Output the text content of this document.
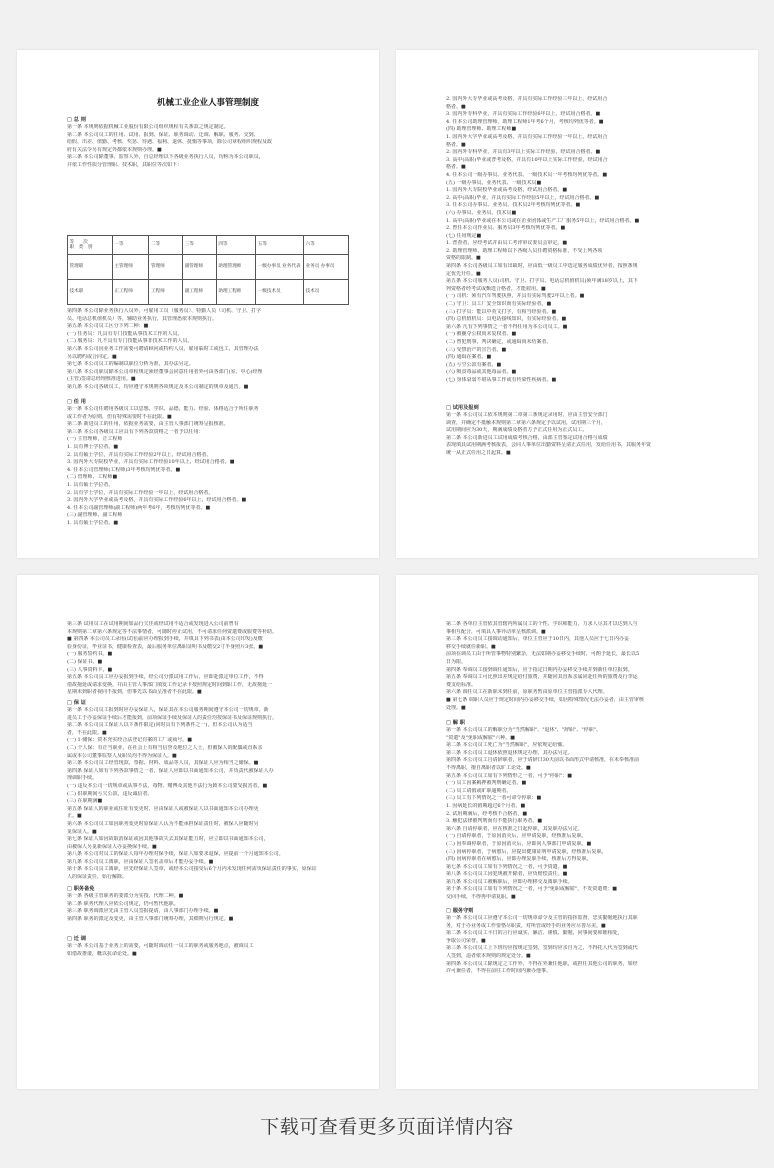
机械工业企业人事管理制度
□ 总 则
第一条 本规则依据机械工业股份有限公司组织规程有关条款之规定制定。
第二条 本公司员工的任用、试用、报到、保证、职务调动、迁调、解职、服务、交到、
给假、出差、值勤、考核、奖惩、待遇、福利、退休、抚恤等事项，除公司章程组织规程及政
府有关法令另有规定外都依本规则办理。■
第三条 本公司除董事、监察人外，自总经理以下各级业务执行人员，均称为本公司职员，
并依工作性质分管理职、技术职，其职位等次如下：
等　　次
职　类　别	一等	二等	三等	四等	五等	六等
管理职	主管理师	管理师	副管理师	助理管理师	一级办事员 业务代表	业务员 办事员
技术职	正工程师	工程师	副工程师	助理工程师	一级技术员	技术员
第四条 本公司除业务执行人员外，可雇用工员（服务员）、特勤人员（司机、守卫、打字
员、电话总机值机员）等，辅助业务执行，其管理悉依本规则执行。
第五条 本公司员工区分下列二种：■
(一) 任务员：凡具有专门技能从事技术工作的人员。
(二) 服务员：凡不具有专门技能从事非技术工作的人员。
第六条 本公司因业务工作需要可聘请顾问或特约人员，雇用临时工或包工，其管理办法
另以聘约或合同定。■
第七条 本公司员工的编制以职位分析为准，其办法另定。
第八条 本公司职员除本公司章程规定须经董事会同意任用者外可由各部门(室、中心)经理
(主管)签请总经理核准进用。■
第九条 本公司各级员工，均应遵守本规则各项规定及本公司制定的规章及通告。■
□ 任 用
第一条 本公司任聘用各级员工以思想、学识、品德、能力、经验、体格适合于所任职务
或工作者为原则，但有特殊需要时不在此限。■
第二条 新进员工的任用，依据业务需要，由主管人事部门统筹呈报核准。
第三条 本公司各级员工应具有下列各款资格之一者予以任用：
(一) 主管理师，正工程师
1. 具有博士学位者。■
2. 具有硕士学位，并具有实际工作经验2年以上，经试用合格者。
3. 国内外大专院校毕业，并具有实际工作经验10年以上，经试用合格者。■
4. 任本公司管理师(工程师)3年考核均列优等者。■
(二) 管理师、工程师■
1. 具有硕士学位者。
2. 具有学士学位，并具有实际工作经验一年以上，经试用合格者。
3. 国内外大学毕业或高考及格，并具有实际工作经验6年以上，经试用合格者。■
4. 任本公司副管理师(副工程师)两年考6年，考核均列优等者。■
(三) 副管理师、副工程师
1. 具有硕士学位者。■
2. 国内外大专毕业或高考及格，并具有实际工作经验三年以上，经试用合
格者。■
3. 国内外专科毕业，并具有实际工作经验6年以上，经试用合格者。■
4. 任本公司助理管理师、助理工程师1年考6个月，考核均列优等者。■
(四) 助理管理师、助理工程师■
1. 国内外大学毕业或高考及格，并具有实际工作经验一年以上，经试用合
格者。■
2. 国内外专科毕业，并具有3年以上实际工作经验，经试用合格者。■
3. 高中(高职)毕业或普考及格，并具有10年以上实际工作经验，经试用合
格者。■
4. 任本公司一级办事员、业务代表、一级技术员一年考核均列优等者。■
(五) 一级办事员、业务代表、一级技术员■
1. 国内外大专院校毕业或高考及格，经试用合格者。■
2. 高中(高职)毕业，并具有实际工作经验5年以上，经试用合格者。■
3. 任本公司办事员、业务员、技术员2年考核均列优等者。■
(六) 办事员、业务员、技术员■
1. 高中(高职)毕业或在本公司或在企业团体或生产工厂服务5年以上，经试用合格者。■
2. 曾任本公司作业员、服务员3年考核均列优等者。■
(七) 任用规定■
1. 普查者，应经考试并由员工考评审议委员会审定。■
2. 助理管理师、助理工程师以下各级人员任聘资格标准，不受上列各项
资格的限制。■
第四条 本公司各级员工如有出缺时，应由低一级员工中选定服务成绩优异者，按照条规
定优先升任。■
第五条 本公司服务人员(司机、守卫、打字员、电话总机值机员)须年满18岁以上，其下
列资格者经考试或甄选合格者，才能雇用。■
(一) 司机：须有汽车驾驶执照，并具有实际驾驶2年以上者。■
(二) 守卫：具工厂安全知识而有实际经验者。■
(三) 打字员：能以中英文打字，有相当经验者。■
(四) 总机值机员：具电话接线知识，有实际经验者。■
第六条 凡有下列事情之一者不得任用为本公司员工。■
(一) 被褫夺公权尚未复权者。■
(二) 曾犯刑事，判决确定，或通缉尚未结案者。
(三) 受禁治产的宣告者。■
(四) 通缉在案者。■
(五) 亏空公款有案者。■
(六) 吸食毒品或其他毒品者。■
(七) 身体衰弱不堪从事工作或有传染性疾病者。■
□ 试用及报到
第一条 本公司员工依本规则第二章第三条规定录用时，应由主管安全部门
调查，并确定不抵触本规则第二章第六条规定予以试用，试用期三个月，
试用期间应为30天，期满成绩及格者方予正式任用为正式员工。
第二条 本公司新进员工试用成绩考核合格，由部主管鉴定试用合格与成绩
表现填具试用期满考核报表，会同人事单位出勤资料呈请正式任用，发给任用书，其服务年资
统一从正式任用之日起算。■
第三条 试用员工在试用期间如品行欠佳或经试用不适合或发现进入公司前曾有
本规则第二章第六条规定等不法事情者，可随时停止试用，不可请求任何资遣费或服费等补助。
■ 第四条 本公司员工录用(试用)前应办理报到手续，并填具下列书表(由本公司印发)及缴
验身份证，毕业证书，健康检查表，最后服务单位离职证明书及缴交2寸半身照片3张。■
(一) 服务誓约书。■
(二) 保证书。■
(三) 人事资料卡。■
第五条 本公司员工应办妥报到手续，经公司分派试用工作后，应即赴派定单位工作，不得
借故拖延或请求变换。并由主管人事部门填发工作记录卡按照规定时间到职工作，无故拖延一
星期未到职者视同不报到，但事先以书面呈准者不在此限。■
□ 保 证
第一条 本公司员工报到时应办妥保证人，保证其在本公司服务期间遵守本公司一切规章。新
进员工于办妥保证手续后才能报到，前项保证手续及保证人的责任均按保证书及保证规则执行。
第二条 本公司员工保证人以下条件限定(同时具有下列条件之一)，但本公司认为适当
者，不在此限。■
(一) 1·储保：资本充实经合法登记有案的工厂或商号。■
(二) 个人保：有正当职业，在社会上有相当信誉及地位之人士，但被保人的配偶或直系亲
属或本公司董事监察人及职员均不得为保证人。■
第三条 本公司员工经管现款、票据、材料、成品等人员，其保证人应为相当之储保。■
第四条 保证人如有下列各款事情之一者，保证人应即以书面通知本公司，并负责代被保证人办
理调职手续。
(一) 违反本公司一切规章或从事不法，毒物、赌博及其他不法行为致本公司蒙受损害者。■
(二) 供职期间亏欠公款，违反诚信者。
(三) 在职期满■
第五条 保证人的职业或住址有变更时，应由保证人或被保证人以书面通知本公司办理更
正。■
第六条 本公司员工如因职务变更时原保证人认为不能承担保证责任时，被保人应随时另
觅保证人。■
第七条 保证人如因故取消保证或因其他事故失去其保证能力时，应立即以书面通知本公司，
由被保人另觅新保证人办妥换保手续。■
第八条 本公司对员工的保证人每年办理对保手续，保证人如要求退保，应提前一个月通知本公司。
第九条 本公司员工离职，应由保证人签名盖章后才能办妥手续。■
第十条 本公司员工离职，应先经保证人签章，或经本公司接受后6个月内未发现任何需负保证责任的事实，原保证
人的保证责任，始行解除。
□ 职务备免
第一条 各级主管职务的委派分为实授、代理二种。■
第二条 职务代理人应依公司规定，仍可暂代他职。
第三条 职务调派应先由主管人员签报提请，由人事部门办理手续。■
第四条 职务的派定及变更，由主管人事部门统筹办理，其细则另行规定。■
□ 迁 调
第一条 本公司基于业务上的需要，可随时调动任一员工的职务或服务地点，被调员工
如借故推诿，概以抗命论处。■
第二条 各单位主管依其管辖内所属员工的个性、学识和能力，力求人尽其才以达到人与
事相互配合，可填具人事异动单呈核派调。■
第三条 本公司员工接调动通知后，单位主管应于10日内，其他人员应于七日内办妥
移交手续就任新职。■
前项在调员工由于所管事物特别繁杂，无法如期办妥移交手续时，可酌予延长，最长以5
日为限。
第四条 奉调员工接到调任通知后，应于指定日期内办妥移交手续并到新任单位报到。
第五条 奉调员工可比照出差规定给付旅费，并随同其直系亲属同赴任所的旅费及行李运
费支给标准。
第六条 调任员工在新职未到任前，原职务暂由原单位主管指派专人代理。
■ 第七条 调职人员应于规定时间内办妥移交手续，如因特殊情况无法办妥者，由主管审核
处理。■
□ 解 职
第一条 本公司员工的解职分为"当然解职"、"退休"、"辞职"、"停职"、
"资遣"及"免职或解雇"六种。■
第二条 本公司员工死亡为"当然解职"，应依规定给恤。
第三条 本公司员工退休依照退休规定办理，其办法另定。
第四条 本公司员工自请辞职者，应于请辞日30天前以书面形式申请核准，在未奉核准前
不得离职，擅自离职者以旷工论处。■
第五条 本公司员工如有下列情形之一者，可予"停职"：■
(一) 员工因案羁押被判刑确定者。■
(二) 员工请假或旷职逾期者。
(三) 员工有下列情况之一者可命令停职：■
1. 因病延长的假期超过6个月者。■
2. 试用期满后，经考核不合格者，■
3. 触犯法律被判刑而有不能执行职务者。■
第六条 自请停职者，应在核准之日起停职，其复职办法另定。
(一) 自请停职者，于原因消灭后，应申请复职，经核准后复职。
(二) 因奉调停职者，于原因消灭后，应即向人事部门申请复职。■
(三) 因病停职者，于病愈后，应提出健康证明申请复职，经核准后复职。
(四) 因病停职者在病愈后，应即办理复职手续，核准后方得复职。
第七条 本公司员工如有下列情况之一者，可予资遣。■
第八条 本公司员工因犯规被开除者，应负赔偿责任。■
第九条 本公司员工被解职后，应即办理移交及离职手续。
第十条 本公司员工如有下列情况之一者，可予"免职或解雇"，不发资遣费：■
交回手续，不得再申请复职。■
□ 服务守则
第一条 本公司员工应遵守本公司一切规章命令及主管的指挥监督，忠实勤勉地执行其职
务，对于办业务或工作要恪尽职责，对所管或经手的业务应尽善尽美。■
第二条 本公司员工平日的言行应诚实、廉洁、谨慎、勤勉，同事间要和睦相处，
争取公司荣誉。■
第三条 本公司员工上下班均应按规定签到，签到均应亲自为之，不得托人代为签到或代
人签到，违者依本规则的规定处分。■
第四条 本公司员工除规定之工作外，不得在外兼任他职，或担任其他公司的职务，如经
许可兼任者，不得在前往工作时间内兼办他事。
下载可查看更多页面详情内容
